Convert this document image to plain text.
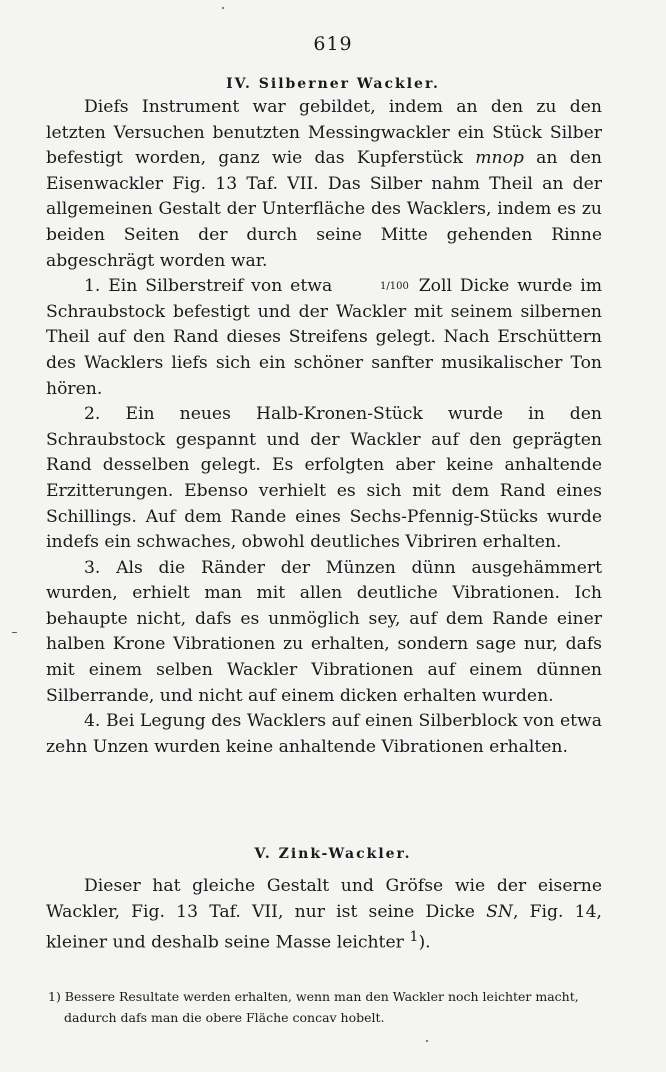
619
IV. Silberner Wackler.

Diefs Instrument war gebildet, indem an den zu den letzten Versuchen benutzten Messingwackler ein Stück Silber befestigt worden, ganz wie das Kupferstück mnop an den Eisenwackler Fig. 13 Taf. VII. Das Silber nahm Theil an der allgemeinen Gestalt der Unterfläche des Wacklers, indem es zu beiden Seiten der durch seine Mitte gehenden Rinne abgeschrägt worden war.

1. Ein Silberstreif von etwa	1/100 Zoll Dicke wurde im Schraubstock befestigt und der Wackler mit seinem silbernen Theil auf den Rand dieses Streifens gelegt. Nach Erschüttern des Wacklers liefs sich ein schöner sanfter musikalischer Ton hören.

2. Ein neues Halb-Kronen-Stück wurde in den Schraubstock gespannt und der Wackler auf den geprägten Rand desselben gelegt. Es erfolgten aber keine anhaltende Erzitterungen. Ebenso verhielt es sich mit dem Rand eines Schillings. Auf dem Rande eines Sechs-Pfennig-Stücks wurde indefs ein schwaches, obwohl deutliches Vibriren erhalten.

3. Als die Ränder der Münzen dünn ausgehämmert wurden, erhielt man mit allen deutliche Vibrationen. Ich behaupte nicht, dafs es unmöglich sey, auf dem Rande einer halben Krone Vibrationen zu erhalten, sondern sage nur, dafs mit einem selben Wackler Vibrationen auf einem dünnen Silberrande, und nicht auf einem dicken erhalten wurden.

4. Bei Legung des Wacklers auf einen Silberblock von etwa zehn Unzen wurden keine anhaltende Vibrationen erhalten.

V. Zink-Wackler.

Dieser hat gleiche Gestalt und Gröfse wie der eiserne Wackler, Fig. 13 Taf. VII, nur ist seine Dicke SN, Fig. 14, kleiner und deshalb seine Masse leichter $^1$).

1) Bessere Resultate werden erhalten, wenn man den Wackler noch leichter macht, dadurch dafs man die obere Fläche concav hobelt.
